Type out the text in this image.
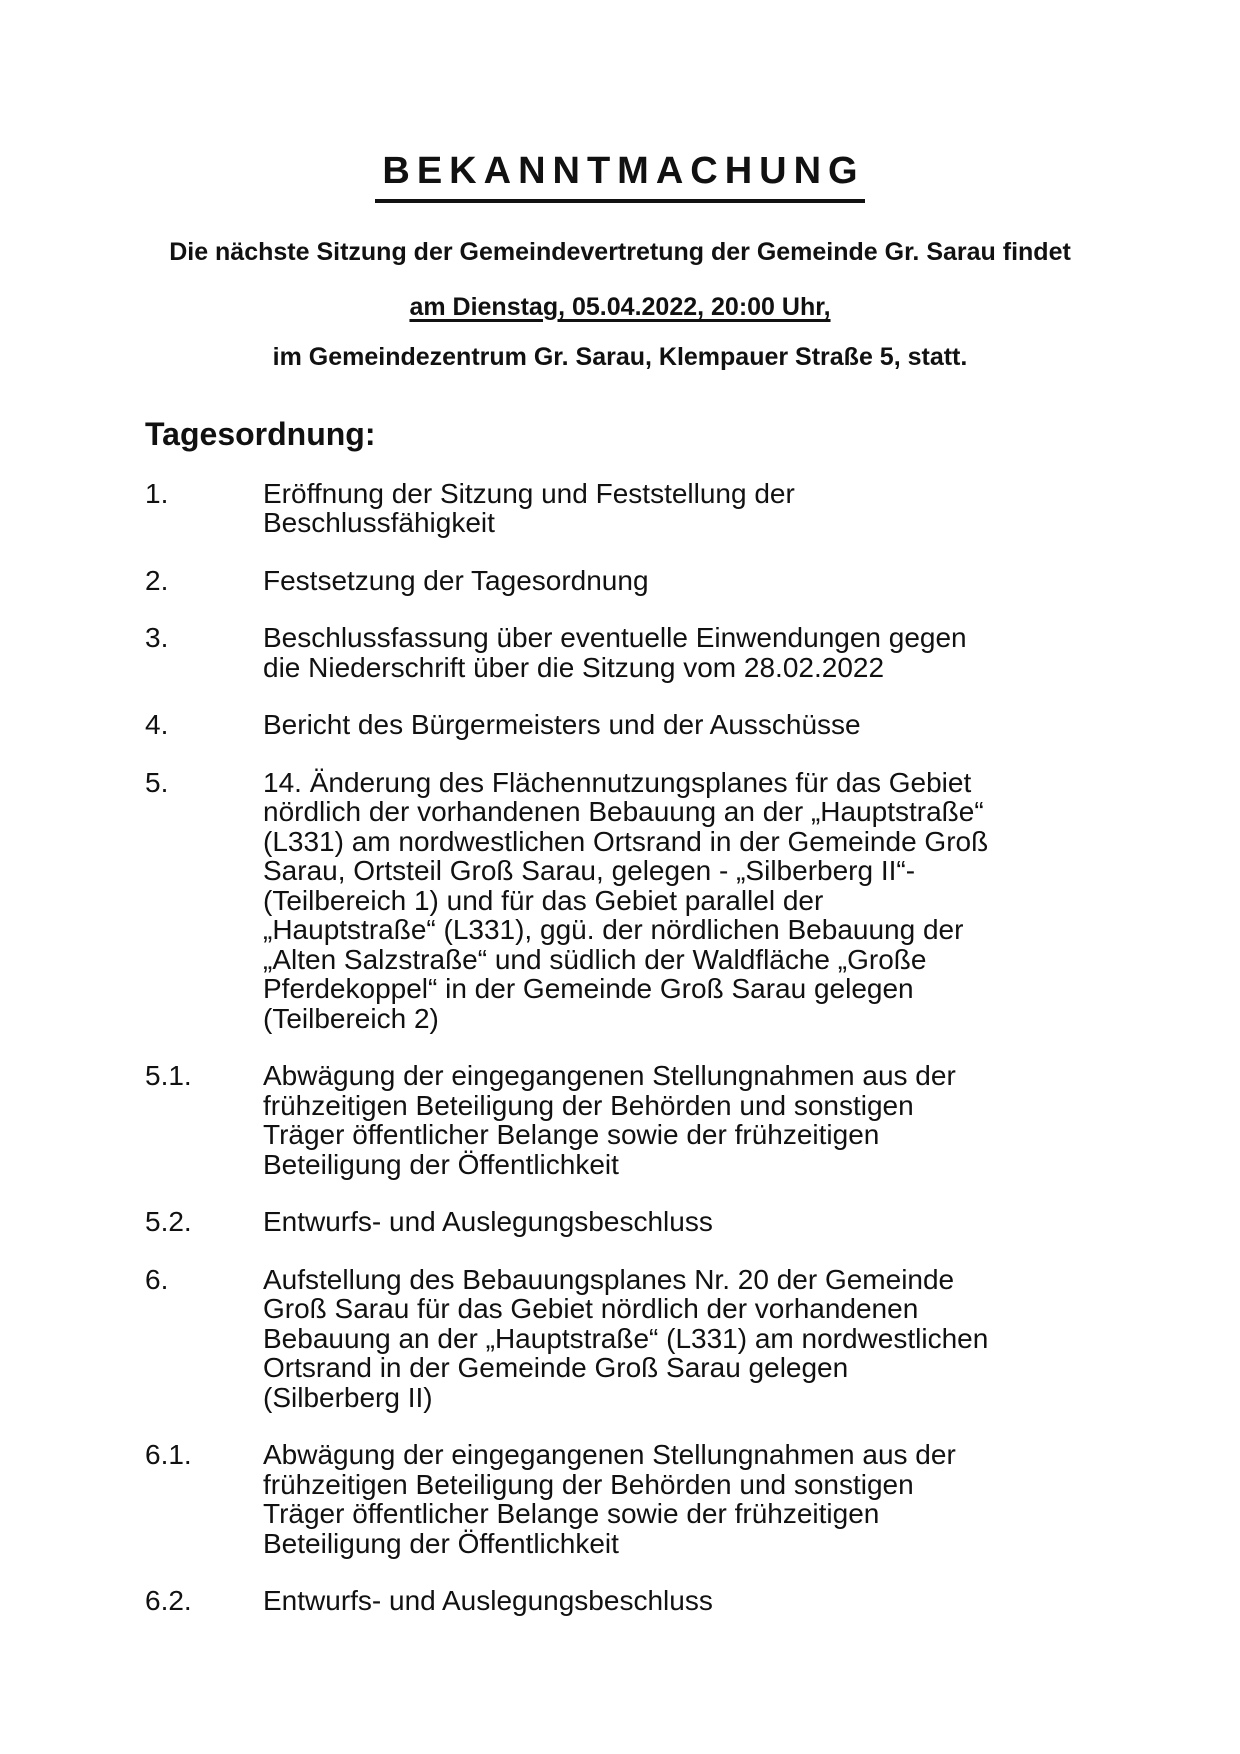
BEKANNTMACHUNG

Die nächste Sitzung der Gemeindevertretung der Gemeinde Gr. Sarau findet

am Dienstag, 05.04.2022, 20:00 Uhr,

im Gemeindezentrum Gr. Sarau, Klempauer Straße 5, statt.

Tagesordnung:
1.	Eröffnung der Sitzung und Feststellung der
Beschlussfähigkeit
2.	Festsetzung der Tagesordnung
3.	Beschlussfassung über eventuelle Einwendungen gegen
die Niederschrift über die Sitzung vom 28.02.2022
4.	Bericht des Bürgermeisters und der Ausschüsse
5.	14. Änderung des Flächennutzungsplanes für das Gebiet
nördlich der vorhandenen Bebauung an der „Hauptstraße“
(L331) am nordwestlichen Ortsrand in der Gemeinde Groß
Sarau, Ortsteil Groß Sarau, gelegen - „Silberberg II“-
(Teilbereich 1) und für das Gebiet parallel der
„Hauptstraße“ (L331), ggü. der nördlichen Bebauung der
„Alten Salzstraße“ und südlich der Waldfläche „Große
Pferdekoppel“ in der Gemeinde Groß Sarau gelegen
(Teilbereich 2)
5.1.	Abwägung der eingegangenen Stellungnahmen aus der
frühzeitigen Beteiligung der Behörden und sonstigen
Träger öffentlicher Belange sowie der frühzeitigen
Beteiligung der Öffentlichkeit
5.2.	Entwurfs- und Auslegungsbeschluss
6.	Aufstellung des Bebauungsplanes Nr. 20 der Gemeinde
Groß Sarau für das Gebiet nördlich der vorhandenen
Bebauung an der „Hauptstraße“ (L331) am nordwestlichen
Ortsrand in der Gemeinde Groß Sarau gelegen
(Silberberg II)
6.1.	Abwägung der eingegangenen Stellungnahmen aus der
frühzeitigen Beteiligung der Behörden und sonstigen
Träger öffentlicher Belange sowie der frühzeitigen
Beteiligung der Öffentlichkeit
6.2.	Entwurfs- und Auslegungsbeschluss
